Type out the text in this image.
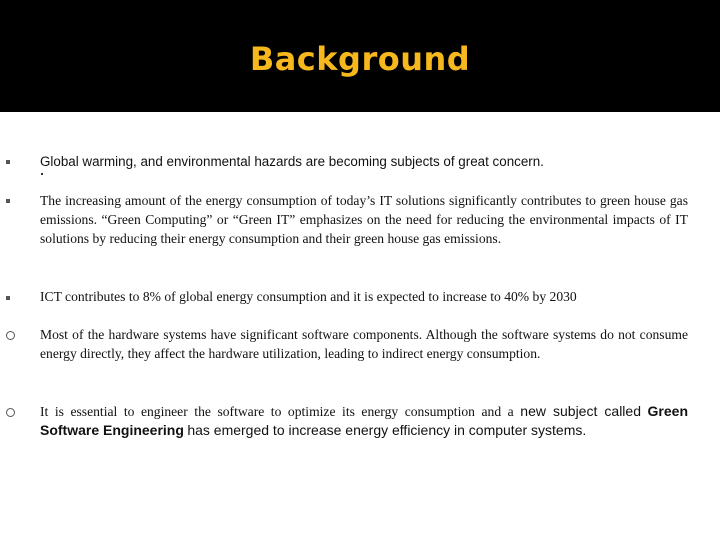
Background
Global warming, and environmental hazards are becoming subjects of great concern.
The increasing amount of the energy consumption of today’s IT solutions significantly contributes to green house gas emissions. “Green Computing” or “Green IT” emphasizes on the need for reducing the environmental impacts of IT solutions by reducing their energy consumption and their green house gas emissions.
ICT contributes to 8% of global energy consumption and it is expected to increase to 40% by 2030
Most of the hardware systems have significant software components. Although the software systems do not consume energy directly, they affect the hardware utilization, leading to indirect energy consumption.
It is essential to engineer the software to optimize its energy consumption and a new subject called Green Software Engineering has emerged to increase energy efficiency in computer systems.
